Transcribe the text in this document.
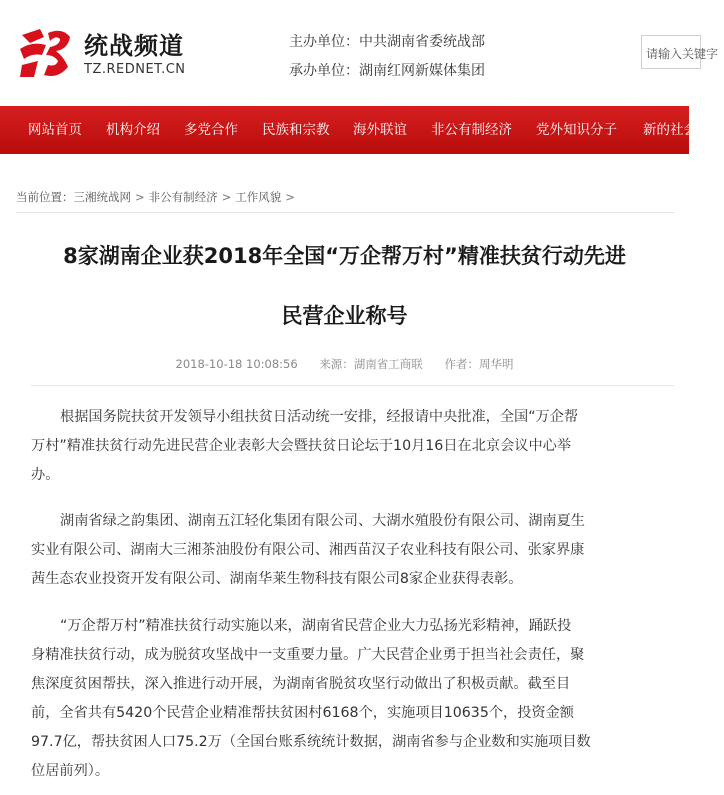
统战频道
TZ.REDNET.CN
主办单位：中共湖南省委统战部
承办单位：湖南红网新媒体集团
请输入关键字
网站首页 机构介绍 多党合作 民族和宗教 海外联谊 非公有制经济 党外知识分子 新的社会阶层
当前位置：三湘统战网 > 非公有制经济 > 工作风貌 >
8家湖南企业获2018年全国“万企帮万村”精准扶贫行动先进
民营企业称号
2018-10-18 10:08:56 来源：湖南省工商联 作者：周华明
根据国务院扶贫开发领导小组扶贫日活动统一安排，经报请中央批准，全国“万企帮
万村”精准扶贫行动先进民营企业表彰大会暨扶贫日论坛于10月16日在北京会议中心举
办。
湖南省绿之韵集团、湖南五江轻化集团有限公司、大湖水殖股份有限公司、湖南夏生
实业有限公司、湖南大三湘茶油股份有限公司、湘西苗汉子农业科技有限公司、张家界康
茜生态农业投资开发有限公司、湖南华莱生物科技有限公司8家企业获得表彰。
“万企帮万村”精准扶贫行动实施以来，湖南省民营企业大力弘扬光彩精神，踊跃投
身精准扶贫行动，成为脱贫攻坚战中一支重要力量。广大民营企业勇于担当社会责任，聚
焦深度贫困帮扶，深入推进行动开展，为湖南省脱贫攻坚行动做出了积极贡献。截至目
前，全省共有5420个民营企业精准帮扶贫困村6168个，实施项目10635个，投资金额
97.7亿，帮扶贫困人口75.2万（全国台账系统统计数据，湖南省参与企业数和实施项目数
位居前列）。
